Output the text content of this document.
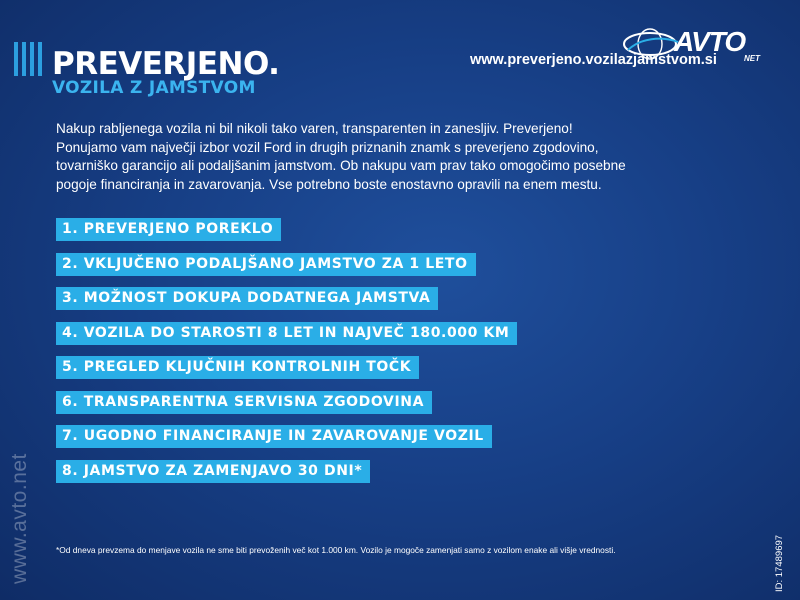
PREVERJENO.
VOZILA Z JAMSTVOM
AVTO
NET
www.preverjeno.vozilazjamstvom.si

Nakup rabljenega vozila ni bil nikoli tako varen, transparenten in zanesljiv. Preverjeno!

Ponujamo vam največji izbor vozil Ford in drugih priznanih znamk s preverjeno zgodovino,

tovarniško garancijo ali podaljšanim jamstvom. Ob nakupu vam prav tako omogočimo posebne

pogoje financiranja in zavarovanja. Vse potrebno boste enostavno opravili na enem mestu.

1. PREVERJENO POREKLO
2. VKLJUČENO PODALJŠANO JAMSTVO ZA 1 LETO
3. MOŽNOST DOKUPA DODATNEGA JAMSTVA
4. VOZILA DO STAROSTI 8 LET IN NAJVEČ 180.000 KM
5. PREGLED KLJUČNIH KONTROLNIH TOČK
6. TRANSPARENTNA SERVISNA ZGODOVINA
7. UGODNO FINANCIRANJE IN ZAVAROVANJE VOZIL
8. JAMSTVO ZA ZAMENJAVO 30 DNI*
*Od dneva prevzema do menjave vozila ne sme biti prevoženih več kot 1.000 km. Vozilo je mogoče zamenjati samo z vozilom enake ali višje vrednosti.
www.avto.net	ID: 17489697
